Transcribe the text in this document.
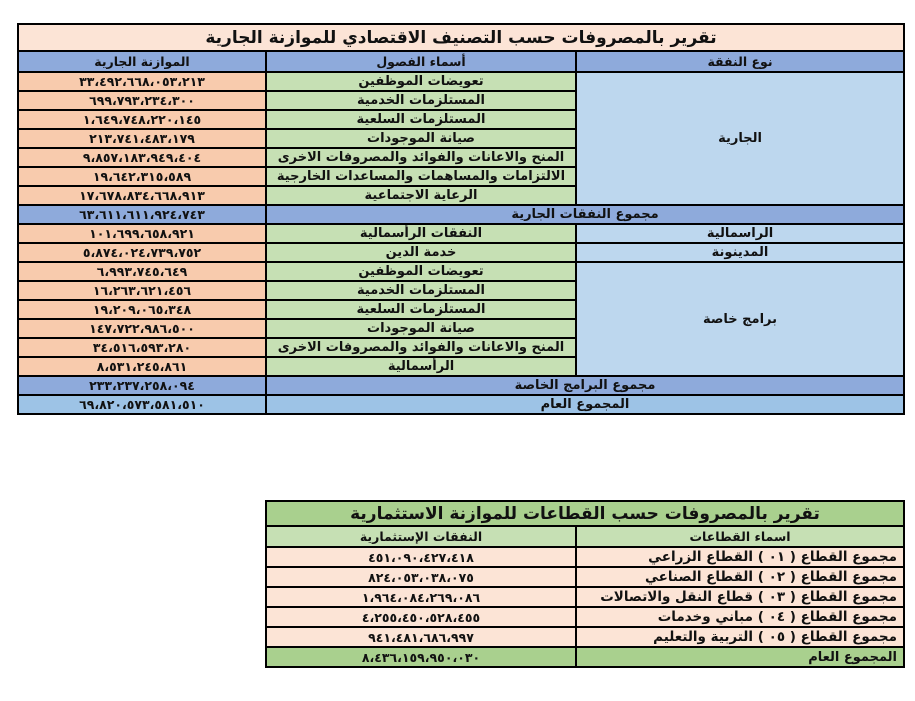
تقرير بالمصروفات حسب التصنيف الاقتصادي للموازنة الجارية		
نوع النفقة	أسماء الفصول	الموازنة الجارية
الجارية	تعويضات الموظفين	٣٣،٤٩٢،٦٦٨،٠٥٣،٢١٣
	المستلزمات الخدمية	٦٩٩،٧٩٣،٢٣٤،٣٠٠
	المستلزمات السلعية	١،٦٤٩،٧٤٨،٢٢٠،١٤٥
	صيانة الموجودات	٢١٣،٧٤١،٤٨٣،١٧٩
	المنح والاعانات والفوائد والمصروفات الاخرى	٩،٨٥٧،١٨٣،٩٤٩،٤٠٤
	الالتزامات والمساهمات والمساعدات الخارجية	١٩،٦٤٢،٣١٥،٥٨٩
	الرعاية الاجتماعية	١٧،٦٧٨،٨٣٤،٦٦٨،٩١٣
مجموع النفقات الجارية		٦٣،٦١١،٦١١،٩٢٤،٧٤٣
الراسمالية	النفقات الرأسمالية	١٠١،٦٩٩،٦٥٨،٩٢١
المدينونة	خدمة الدين	٥،٨٧٤،٠٢٤،٧٣٩،٧٥٢
برامج خاصة	تعويضات الموظفين	٦،٩٩٣،٧٤٥،٦٤٩
	المستلزمات الخدمية	١٦،٢٦٣،٦٢١،٤٥٦
	المستلزمات السلعية	١٩،٢٠٩،٠٦٥،٣٤٨
	صيانة الموجودات	١٤٧،٧٢٢،٩٨٦،٥٠٠
	المنح والاعانات والفوائد والمصروفات الاخرى	٣٤،٥١٦،٥٩٣،٢٨٠
	الرأسمالية	٨،٥٣١،٢٤٥،٨٦١
مجموع البرامج الخاصة		٢٣٣،٢٣٧،٢٥٨،٠٩٤
المجموع العام		٦٩،٨٢٠،٥٧٣،٥٨١،٥١٠
تقرير بالمصروفات حسب القطاعات للموازنة الاستثمارية	
اسماء القطاعات	النفقات الإستثمارية
مجموع القطاع ( ٠١ ) القطاع الزراعي	٤٥١،٠٩٠،٤٢٧،٤١٨
مجموع القطاع ( ٠٢ ) القطاع الصناعي	٨٢٤،٠٥٣،٠٣٨،٠٧٥
مجموع القطاع ( ٠٣ ) قطاع النقل والاتصالات	١،٩٦٤،٠٨٤،٢٦٩،٠٨٦
مجموع القطاع ( ٠٤ ) مباني وخدمات	٤،٢٥٥،٤٥٠،٥٢٨،٤٥٥
مجموع القطاع ( ٠٥ ) التربية والتعليم	٩٤١،٤٨١،٦٨٦،٩٩٧
المجموع العام	٨،٤٣٦،١٥٩،٩٥٠،٠٣٠
